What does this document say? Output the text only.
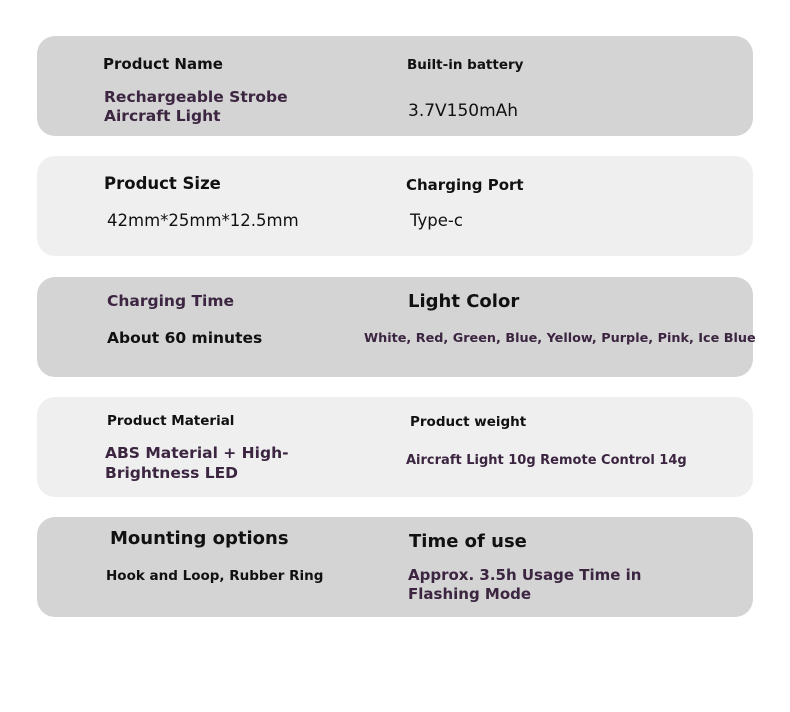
Product Name
Rechargeable Strobe Aircraft Light
Built-in battery
3.7V150mAh
Product Size
42mm*25mm*12.5mm
Charging Port
Type-c
Charging Time
About 60 minutes
Light Color
White, Red, Green, Blue, Yellow, Purple, Pink, Ice Blue
Product Material
ABS Material + High-Brightness LED
Product weight
Aircraft Light 10g Remote Control 14g
Mounting options
Hook and Loop, Rubber Ring
Time of use
Approx. 3.5h Usage Time in Flashing Mode
